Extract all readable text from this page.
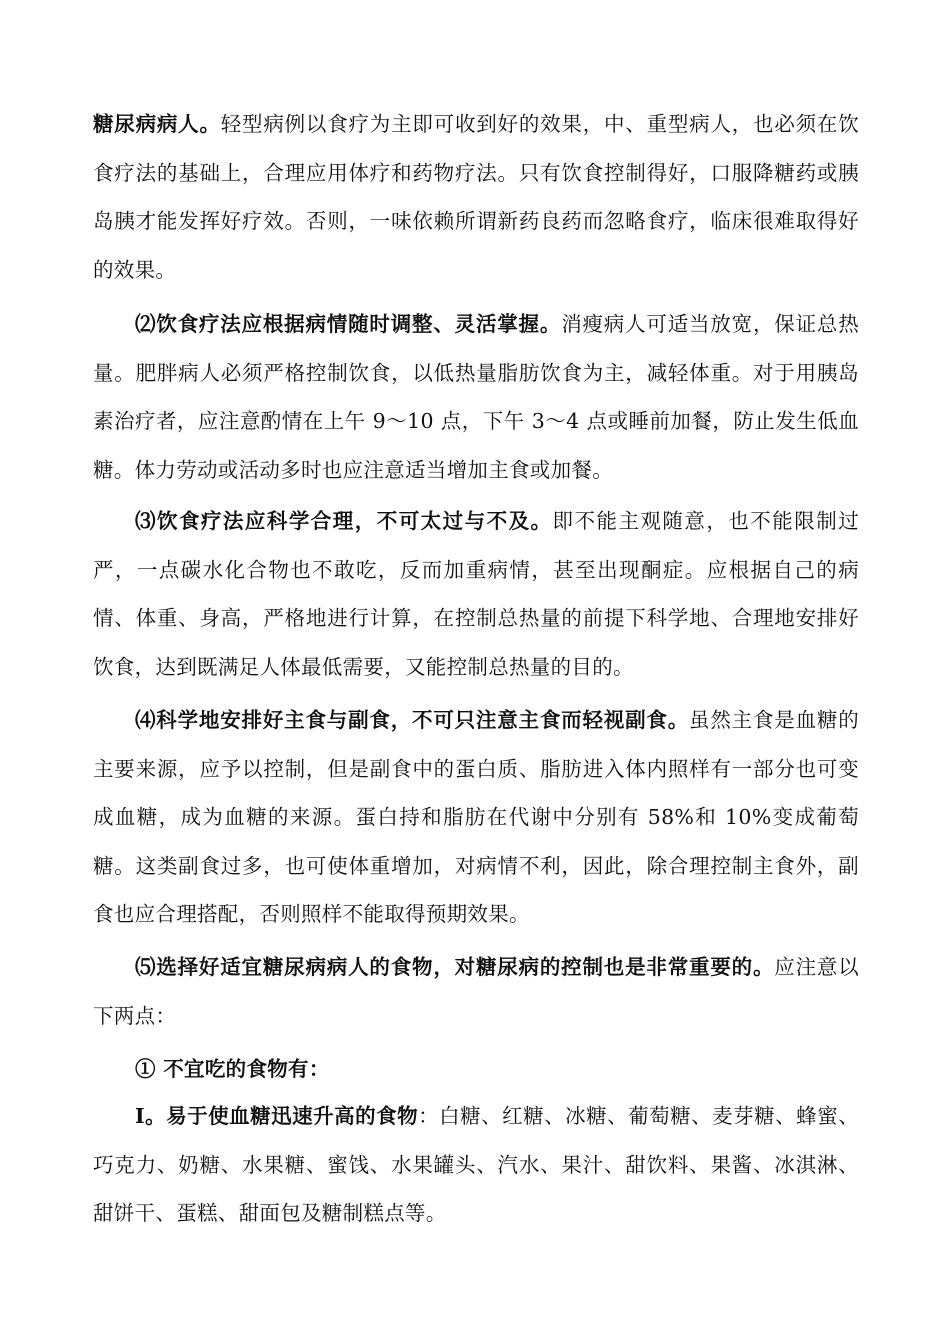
糖尿病病人。轻型病例以食疗为主即可收到好的效果，中、重型病人，也必须在饮食疗法的基础上，合理应用体疗和药物疗法。只有饮食控制得好，口服降糖药或胰岛胰才能发挥好疗效。否则，一味依赖所谓新药良药而忽略食疗，临床很难取得好的效果。

⑵饮食疗法应根据病情随时调整、灵活掌握。消瘦病人可适当放宽，保证总热量。肥胖病人必须严格控制饮食，以低热量脂肪饮食为主，减轻体重。对于用胰岛素治疗者，应注意酌情在上午 9～10 点，下午 3～4 点或睡前加餐，防止发生低血糖。体力劳动或活动多时也应注意适当增加主食或加餐。

⑶饮食疗法应科学合理，不可太过与不及。即不能主观随意，也不能限制过严，一点碳水化合物也不敢吃，反而加重病情，甚至出现酮症。应根据自己的病情、体重、身高，严格地进行计算，在控制总热量的前提下科学地、合理地安排好饮食，达到既满足人体最低需要，又能控制总热量的目的。

⑷科学地安排好主食与副食，不可只注意主食而轻视副食。虽然主食是血糖的主要来源，应予以控制，但是副食中的蛋白质、脂肪进入体内照样有一部分也可变成血糖，成为血糖的来源。蛋白持和脂肪在代谢中分别有 58%和 10%变成葡萄糖。这类副食过多，也可使体重增加，对病情不利，因此，除合理控制主食外，副食也应合理搭配，否则照样不能取得预期效果。

⑸选择好适宜糖尿病病人的食物，对糖尿病的控制也是非常重要的。应注意以下两点：

① 不宜吃的食物有：

Ⅰ。易于使血糖迅速升高的食物：白糖、红糖、冰糖、葡萄糖、麦芽糖、蜂蜜、巧克力、奶糖、水果糖、蜜饯、水果罐头、汽水、果汁、甜饮料、果酱、冰淇淋、甜饼干、蛋糕、甜面包及糖制糕点等。
